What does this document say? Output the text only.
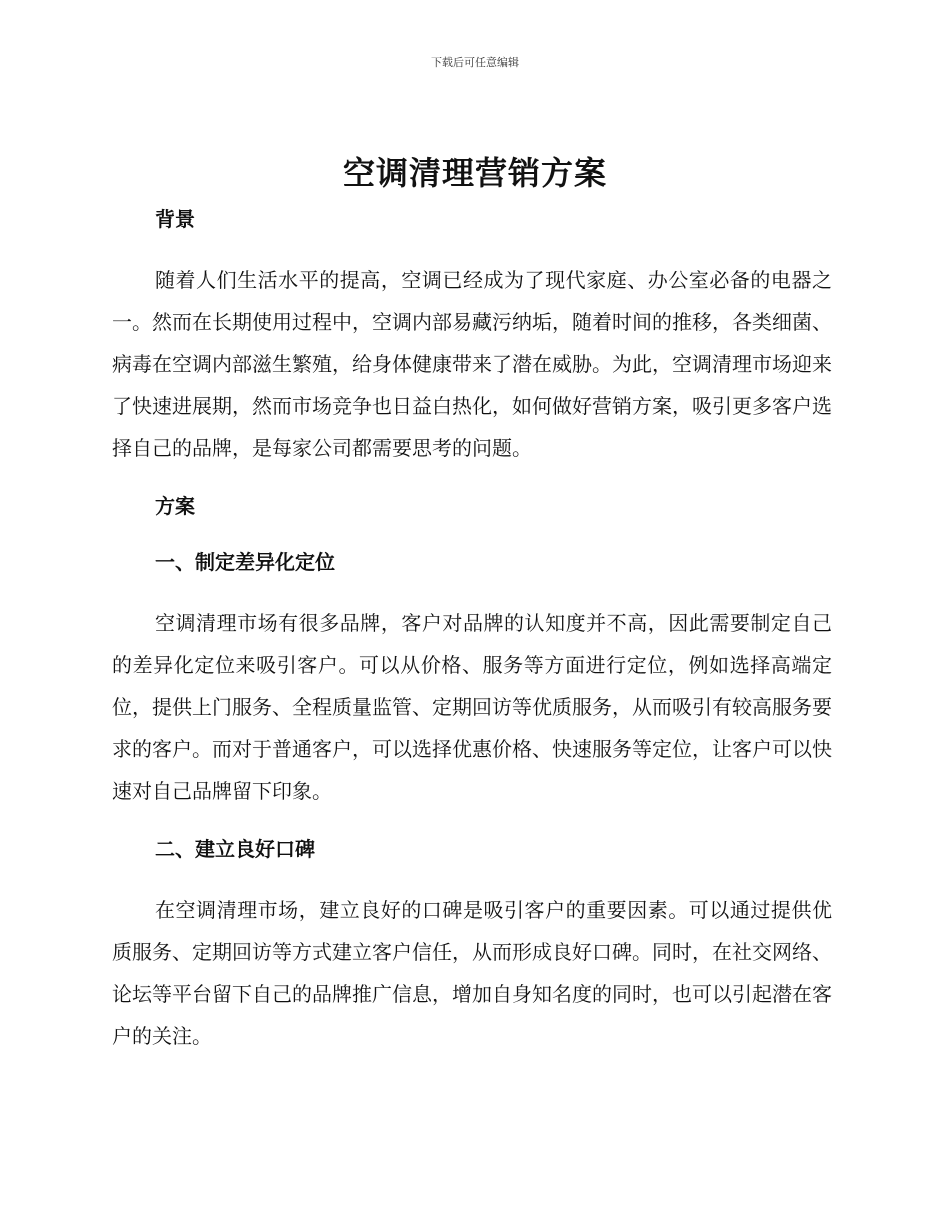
下载后可任意编辑
空调清理营销方案
背景

随着人们生活水平的提高，空调已经成为了现代家庭、办公室必备的电器之一。然而在长期使用过程中，空调内部易藏污纳垢，随着时间的推移，各类细菌、病毒在空调内部滋生繁殖，给身体健康带来了潜在威胁。为此，空调清理市场迎来了快速进展期，然而市场竞争也日益白热化，如何做好营销方案，吸引更多客户选择自己的品牌，是每家公司都需要思考的问题。

方案
一、制定差异化定位

空调清理市场有很多品牌，客户对品牌的认知度并不高，因此需要制定自己的差异化定位来吸引客户。可以从价格、服务等方面进行定位，例如选择高端定位，提供上门服务、全程质量监管、定期回访等优质服务，从而吸引有较高服务要求的客户。而对于普通客户，可以选择优惠价格、快速服务等定位，让客户可以快速对自己品牌留下印象。

二、建立良好口碑

在空调清理市场，建立良好的口碑是吸引客户的重要因素。可以通过提供优质服务、定期回访等方式建立客户信任，从而形成良好口碑。同时，在社交网络、论坛等平台留下自己的品牌推广信息，增加自身知名度的同时，也可以引起潜在客户的关注。
